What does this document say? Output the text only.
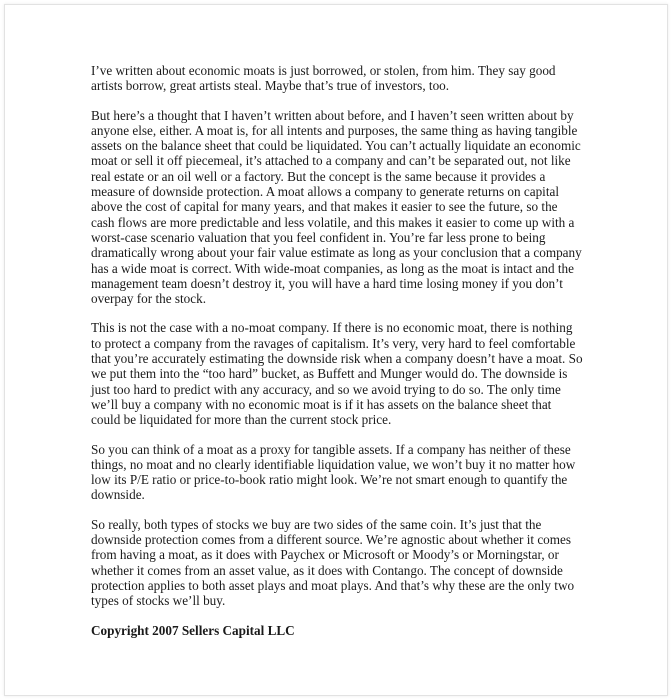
I’ve written about economic moats is just borrowed, or stolen, from him. They say good artists borrow, great artists steal. Maybe that’s true of investors, too.

But here’s a thought that I haven’t written about before, and I haven’t seen written about by anyone else, either. A moat is, for all intents and purposes, the same thing as having tangible assets on the balance sheet that could be liquidated. You can’t actually liquidate an economic moat or sell it off piecemeal, it’s attached to a company and can’t be separated out, not like real estate or an oil well or a factory. But the concept is the same because it provides a measure of downside protection. A moat allows a company to generate returns on capital above the cost of capital for many years, and that makes it easier to see the future, so the cash flows are more predictable and less volatile, and this makes it easier to come up with a worst-case scenario valuation that you feel confident in. You’re far less prone to being dramatically wrong about your fair value estimate as long as your conclusion that a company has a wide moat is correct. With wide-moat companies, as long as the moat is intact and the management team doesn’t destroy it, you will have a hard time losing money if you don’t overpay for the stock.

This is not the case with a no-moat company. If there is no economic moat, there is nothing to protect a company from the ravages of capitalism. It’s very, very hard to feel comfortable that you’re accurately estimating the downside risk when a company doesn’t have a moat. So we put them into the “too hard” bucket, as Buffett and Munger would do. The downside is just too hard to predict with any accuracy, and so we avoid trying to do so. The only time we’ll buy a company with no economic moat is if it has assets on the balance sheet that could be liquidated for more than the current stock price.

So you can think of a moat as a proxy for tangible assets. If a company has neither of these things, no moat and no clearly identifiable liquidation value, we won’t buy it no matter how low its P/E ratio or price-to-book ratio might look. We’re not smart enough to quantify the downside.

So really, both types of stocks we buy are two sides of the same coin. It’s just that the downside protection comes from a different source. We’re agnostic about whether it comes from having a moat, as it does with Paychex or Microsoft or Moody’s or Morningstar, or whether it comes from an asset value, as it does with Contango. The concept of downside protection applies to both asset plays and moat plays. And that’s why these are the only two types of stocks we’ll buy.

Copyright 2007 Sellers Capital LLC
